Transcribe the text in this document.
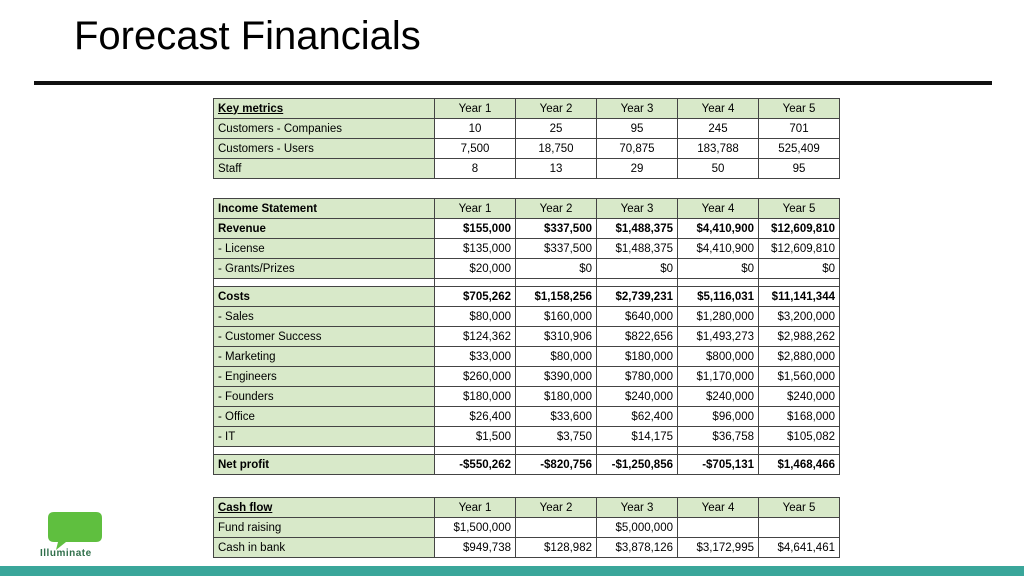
Forecast Financials
Key metrics	Year 1	Year 2	Year 3	Year 4	Year 5
Customers - Companies	10	25	95	245	701
Customers - Users	7,500	18,750	70,875	183,788	525,409
Staff	8	13	29	50	95
Income Statement	Year 1	Year 2	Year 3	Year 4	Year 5
Revenue	$155,000	$337,500	$1,488,375	$4,410,900	$12,609,810
- License	$135,000	$337,500	$1,488,375	$4,410,900	$12,609,810
- Grants/Prizes	$20,000	$0	$0	$0	$0

Costs	$705,262	$1,158,256	$2,739,231	$5,116,031	$11,141,344
- Sales	$80,000	$160,000	$640,000	$1,280,000	$3,200,000
- Customer Success	$124,362	$310,906	$822,656	$1,493,273	$2,988,262
- Marketing	$33,000	$80,000	$180,000	$800,000	$2,880,000
- Engineers	$260,000	$390,000	$780,000	$1,170,000	$1,560,000
- Founders	$180,000	$180,000	$240,000	$240,000	$240,000
- Office	$26,400	$33,600	$62,400	$96,000	$168,000
- IT	$1,500	$3,750	$14,175	$36,758	$105,082

Net profit	-$550,262	-$820,756	-$1,250,856	-$705,131	$1,468,466
Cash flow	Year 1	Year 2	Year 3	Year 4	Year 5
Fund raising	$1,500,000		$5,000,000		
Cash in bank	$949,738	$128,982	$3,878,126	$3,172,995	$4,641,461
Illuminate
